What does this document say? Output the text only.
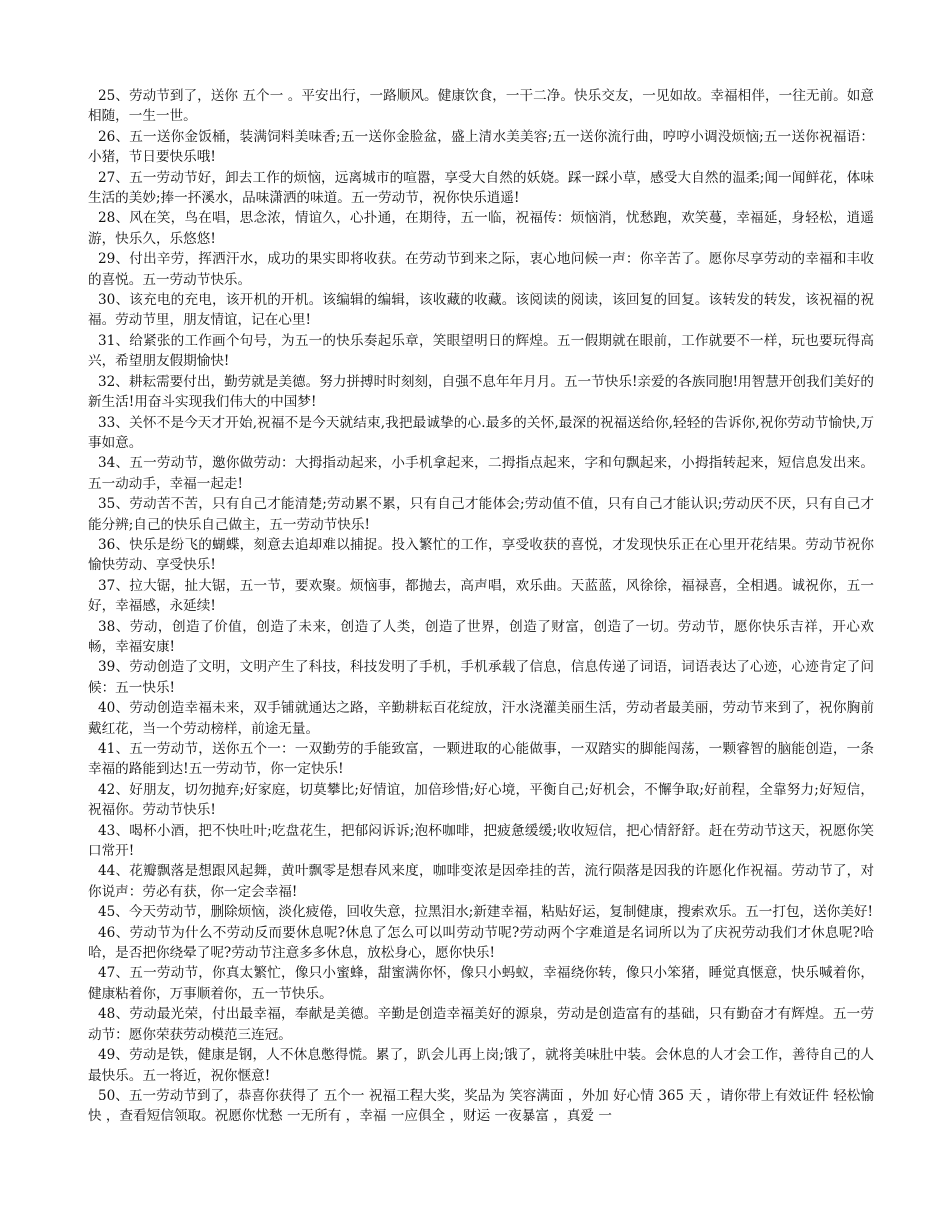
25、劳动节到了，送你 五个一 。平安出行，一路顺风。健康饮食，一干二净。快乐交友，一见如故。幸福相伴，一往无前。如意相随，一生一世。

26、五一送你金饭桶，装满饲料美味香;五一送你金脸盆，盛上清水美美容;五一送你流行曲，哼哼小调没烦恼;五一送你祝福语：小猪，节日要快乐哦!

27、五一劳动节好，卸去工作的烦恼，远离城市的喧嚣，享受大自然的妖娆。踩一踩小草，感受大自然的温柔;闻一闻鲜花，体味生活的美妙;捧一抔溪水，品味潇洒的味道。五一劳动节，祝你快乐逍遥!

28、风在笑，鸟在唱，思念浓，情谊久，心扑通，在期待，五一临，祝福传：烦恼消，忧愁跑，欢笑蔓，幸福延，身轻松，逍遥游，快乐久，乐悠悠!

29、付出辛劳，挥洒汗水，成功的果实即将收获。在劳动节到来之际，衷心地问候一声：你辛苦了。愿你尽享劳动的幸福和丰收的喜悦。五一劳动节快乐。

30、该充电的充电，该开机的开机。该编辑的编辑，该收藏的收藏。该阅读的阅读，该回复的回复。该转发的转发，该祝福的祝福。劳动节里，朋友情谊，记在心里!

31、给紧张的工作画个句号，为五一的快乐奏起乐章，笑眼望明日的辉煌。五一假期就在眼前，工作就要不一样，玩也要玩得高兴，希望朋友假期愉快!

32、耕耘需要付出，勤劳就是美德。努力拼搏时时刻刻，自强不息年年月月。五一节快乐!亲爱的各族同胞!用智慧开创我们美好的新生活!用奋斗实现我们伟大的中国梦!

33、关怀不是今天才开始,祝福不是今天就结束,我把最诚挚的心.最多的关怀,最深的祝福送给你,轻轻的告诉你,祝你劳动节愉快,万事如意。

34、五一劳动节，邀你做劳动：大拇指动起来，小手机拿起来，二拇指点起来，字和句飘起来，小拇指转起来，短信息发出来。五一动动手，幸福一起走!

35、劳动苦不苦，只有自己才能清楚;劳动累不累，只有自己才能体会;劳动值不值，只有自己才能认识;劳动厌不厌，只有自己才能分辨;自己的快乐自己做主，五一劳动节快乐!

36、快乐是纷飞的蝴蝶，刻意去追却难以捕捉。投入繁忙的工作，享受收获的喜悦，才发现快乐正在心里开花结果。劳动节祝你愉快劳动、享受快乐!

37、拉大锯，扯大锯，五一节，要欢聚。烦恼事，都抛去，高声唱，欢乐曲。天蓝蓝，风徐徐，福禄喜，全相遇。诚祝你，五一好，幸福感，永延续!

38、劳动，创造了价值，创造了未来，创造了人类，创造了世界，创造了财富，创造了一切。劳动节，愿你快乐吉祥，开心欢畅，幸福安康!

39、劳动创造了文明，文明产生了科技，科技发明了手机，手机承载了信息，信息传递了词语，词语表达了心迹，心迹肯定了问候：五一快乐!

40、劳动创造幸福未来，双手铺就通达之路，辛勤耕耘百花绽放，汗水浇灌美丽生活，劳动者最美丽，劳动节来到了，祝你胸前戴红花，当一个劳动榜样，前途无量。

41、五一劳动节，送你五个一：一双勤劳的手能致富，一颗进取的心能做事，一双踏实的脚能闯荡，一颗睿智的脑能创造，一条幸福的路能到达!五一劳动节，你一定快乐!

42、好朋友，切勿抛弃;好家庭，切莫攀比;好情谊，加倍珍惜;好心境，平衡自己;好机会，不懈争取;好前程，全靠努力;好短信，祝福你。劳动节快乐!

43、喝杯小酒，把不快吐叶;吃盘花生，把郁闷诉诉;泡杯咖啡，把疲惫缓缓;收收短信，把心情舒舒。赶在劳动节这天，祝愿你笑口常开!

44、花瓣飘落是想跟风起舞，黄叶飘零是想春风来度，咖啡变浓是因牵挂的苦，流行陨落是因我的许愿化作祝福。劳动节了，对你说声：劳必有获，你一定会幸福!

45、今天劳动节，删除烦恼，淡化疲倦，回收失意，拉黑泪水;新建幸福，粘贴好运，复制健康，搜索欢乐。五一打包，送你美好!

46、劳动节为什么不劳动反而要休息呢?休息了怎么可以叫劳动节呢?劳动两个字难道是名词所以为了庆祝劳动我们才休息呢?哈哈，是否把你绕晕了呢?劳动节注意多多休息，放松身心，愿你快乐!

47、五一劳动节，你真太繁忙，像只小蜜蜂，甜蜜满你怀，像只小蚂蚁，幸福绕你转，像只小笨猪，睡觉真惬意，快乐喊着你，健康粘着你，万事顺着你，五一节快乐。

48、劳动最光荣，付出最幸福，奉献是美德。辛勤是创造幸福美好的源泉，劳动是创造富有的基础，只有勤奋才有辉煌。五一劳动节：愿你荣获劳动模范三连冠。

49、劳动是铁，健康是钢，人不休息憋得慌。累了，趴会儿再上岗;饿了，就将美味肚中装。会休息的人才会工作，善待自己的人最快乐。五一将近，祝你惬意!

50、五一劳动节到了，恭喜你获得了 五个一 祝福工程大奖，奖品为 笑容满面 ，外加 好心情 365 天 ，请你带上有效证件 轻松愉快 ，查看短信领取。祝愿你忧愁 一无所有 ，幸福 一应俱全 ，财运 一夜暴富 ，真爱 一
